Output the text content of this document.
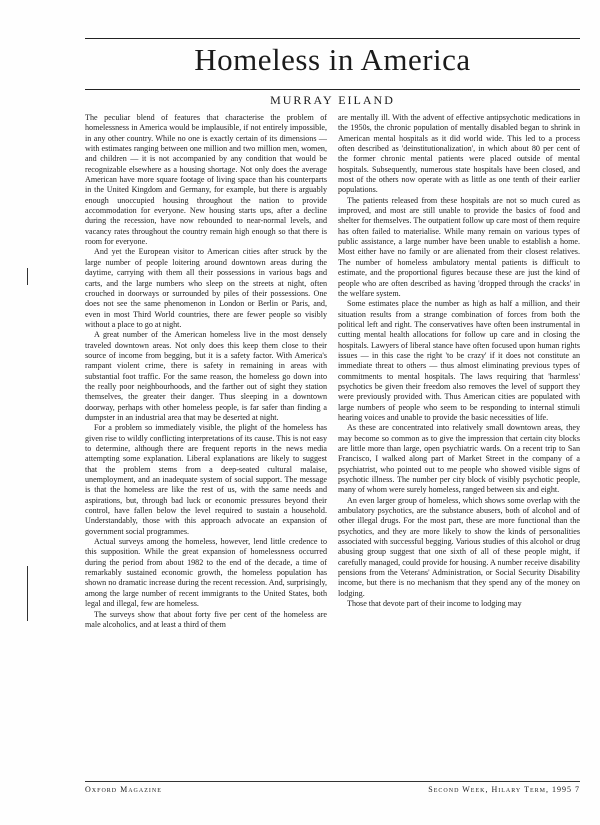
Homeless in America
MURRAY EILAND

The peculiar blend of features that characterise the problem of homelessness in America would be implausible, if not entirely impossible, in any other country. While no one is exactly certain of its dimensions — with estimates ranging between one million and two million men, women, and children — it is not accompanied by any condition that would be recognizable elsewhere as a housing shortage. Not only does the average American have more square footage of living space than his counterparts in the United Kingdom and Germany, for example, but there is arguably enough unoccupied housing throughout the nation to provide accommodation for everyone. New housing starts ups, after a decline during the recession, have now rebounded to near-normal levels, and vacancy rates throughout the country remain high enough so that there is room for everyone.

And yet the European visitor to American cities after struck by the large number of people loitering around downtown areas during the daytime, carrying with them all their possessions in various bags and carts, and the large numbers who sleep on the streets at night, often crouched in doorways or surrounded by piles of their possessions. One does not see the same phenomenon in London or Berlin or Paris, and, even in most Third World countries, there are fewer people so visibly without a place to go at night.

A great number of the American homeless live in the most densely traveled downtown areas. Not only does this keep them close to their source of income from begging, but it is a safety factor. With America's rampant violent crime, there is safety in remaining in areas with substantial foot traffic. For the same reason, the homeless go down into the really poor neighbourhoods, and the farther out of sight they station themselves, the greater their danger. Thus sleeping in a downtown doorway, perhaps with other homeless people, is far safer than finding a dumpster in an industrial area that may be deserted at night.

For a problem so immediately visible, the plight of the homeless has given rise to wildly conflicting interpretations of its cause. This is not easy to determine, although there are frequent reports in the news media attempting some explanation. Liberal explanations are likely to suggest that the problem stems from a deep-seated cultural malaise, unemployment, and an inadequate system of social support. The message is that the homeless are like the rest of us, with the same needs and aspirations, but, through bad luck or economic pressures beyond their control, have fallen below the level required to sustain a household. Understandably, those with this approach advocate an expansion of government social programmes.

Actual surveys among the homeless, however, lend little credence to this supposition. While the great expansion of homelessness occurred during the period from about 1982 to the end of the decade, a time of remarkably sustained economic growth, the homeless population has shown no dramatic increase during the recent recession. And, surprisingly, among the large number of recent immigrants to the United States, both legal and illegal, few are homeless.

The surveys show that about forty five per cent of the homeless are male alcoholics, and at least a third of them

are mentally ill. With the advent of effective antipsychotic medications in the 1950s, the chronic population of mentally disabled began to shrink in American mental hospitals as it did world wide. This led to a process often described as 'deinstitutionalization', in which about 80 per cent of the former chronic mental patients were placed outside of mental hospitals. Subsequently, numerous state hospitals have been closed, and most of the others now operate with as little as one tenth of their earlier populations.

The patients released from these hospitals are not so much cured as improved, and most are still unable to provide the basics of food and shelter for themselves. The outpatient follow up care most of them require has often failed to materialise. While many remain on various types of public assistance, a large number have been unable to establish a home. Most either have no family or are alienated from their closest relatives. The number of homeless ambulatory mental patients is difficult to estimate, and the proportional figures because these are just the kind of people who are often described as having 'dropped through the cracks' in the welfare system.

Some estimates place the number as high as half a million, and their situation results from a strange combination of forces from both the political left and right. The conservatives have often been instrumental in cutting mental health allocations for follow up care and in closing the hospitals. Lawyers of liberal stance have often focused upon human rights issues — in this case the right 'to be crazy' if it does not constitute an immediate threat to others — thus almost eliminating previous types of commitments to mental hospitals. The laws requiring that 'harmless' psychotics be given their freedom also removes the level of support they were previously provided with. Thus American cities are populated with large numbers of people who seem to be responding to internal stimuli hearing voices and unable to provide the basic necessities of life.

As these are concentrated into relatively small downtown areas, they may become so common as to give the impression that certain city blocks are little more than large, open psychiatric wards. On a recent trip to San Francisco, I walked along part of Market Street in the company of a psychiatrist, who pointed out to me people who showed visible signs of psychotic illness. The number per city block of visibly psychotic people, many of whom were surely homeless, ranged between six and eight.

An even larger group of homeless, which shows some overlap with the ambulatory psychotics, are the substance abusers, both of alcohol and of other illegal drugs. For the most part, these are more functional than the psychotics, and they are more likely to show the kinds of personalities associated with successful begging. Various studies of this alcohol or drug abusing group suggest that one sixth of all of these people might, if carefully managed, could provide for housing. A number receive disability pensions from the Veterans' Administration, or Social Security Disability income, but there is no mechanism that they spend any of the money on lodging.

Those that devote part of their income to lodging may

Oxford Magazine	Second Week, Hilary Term, 1995 7
